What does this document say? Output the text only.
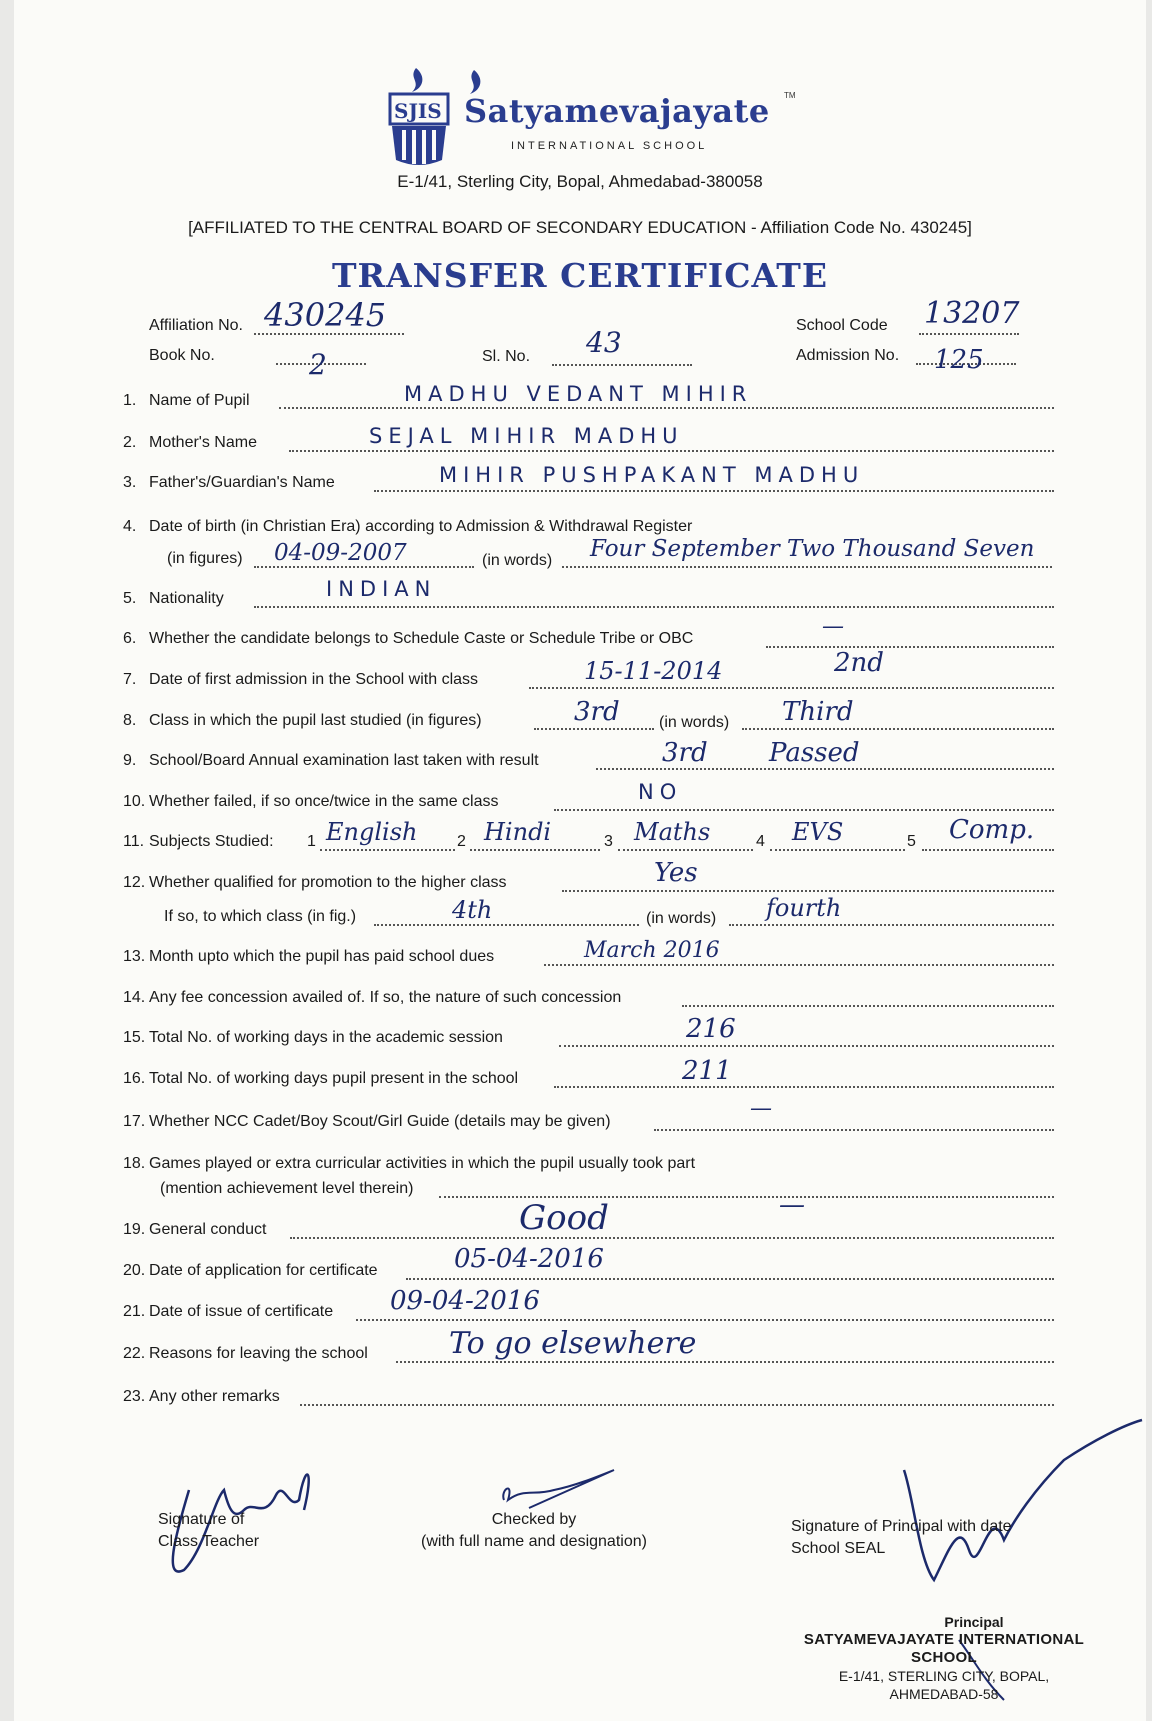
SJIS Satyamevajayate TM
INTERNATIONAL SCHOOL
E-1/41, Sterling City, Bopal, Ahmedabad-380058
[AFFILIATED TO THE CENTRAL BOARD OF SECONDARY EDUCATION - Affiliation Code No. 430245]
TRANSFER CERTIFICATE
Affiliation No. 430245
Book No.	2	Sl. No. 43
School Code 13207
Admission No. 125
1. Name of Pupil	MADHU VEDANT MIHIR
2. Mother's Name	SEJAL MIHIR MADHU
3. Father's/Guardian's Name	MIHIR PUSHPAKANT MADHU
4. Date of birth (in Christian Era) according to Admission & Withdrawal Register
(in figures) 04-09-2007	(in words) Four September Two Thousand Seven
5. Nationality	INDIAN
6. Whether the candidate belongs to Schedule Caste or Schedule Tribe or OBC	—
7. Date of first admission in the School with class	15-11-2014	2nd
8. Class in which the pupil last studied (in figures)	3rd (in words) Third
9. School/Board Annual examination last taken with result	3rd Passed
10. Whether failed, if so once/twice in the same class	NO
11. Subjects Studied: 1 English 2 Hindi	3 Maths	4 EVS	5 Comp.
12. Whether qualified for promotion to the higher class	Yes
If so, to which class (in fig.)	4th	(in words) fourth
13. Month upto which the pupil has paid school dues	March 2016
14. Any fee concession availed of. If so, the nature of such concession
15. Total No. of working days in the academic session	216
16. Total No. of working days pupil present in the school	211
17. Whether NCC Cadet/Boy Scout/Girl Guide (details may be given)
—
18. Games played or extra curricular activities in which the pupil usually took part
(mention achievement level therein)
—
19. General conduct	Good
20. Date of application for certificate	05-04-2016
21. Date of issue of certificate 09-04-2016
22. Reasons for leaving the school	To go elsewhere
23. Any other remarks
Signature of
Class Teacher
Checked by
(with full name and designation)
Signature of Principal with date
School SEAL
Principal
SATYAMEVAJAYATE INTERNATIONAL SCHOOL
E-1/41, STERLING CITY, BOPAL,
AHMEDABAD-58
